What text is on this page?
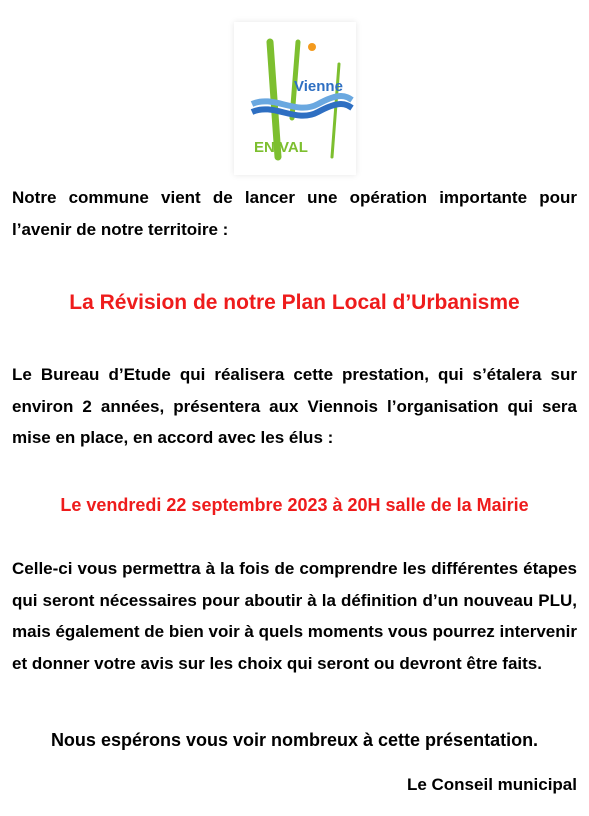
Vienne
EN VAL
Notre commune vient de lancer une opération importante pour l’avenir de notre territoire :
La Révision de notre Plan Local d’Urbanisme
Le Bureau d’Etude qui réalisera cette prestation, qui s’étalera sur environ 2 années, présentera aux Viennois l’organisation qui sera mise en place, en accord avec les élus :
Le vendredi 22 septembre 2023 à 20H salle de la Mairie
Celle-ci vous permettra à la fois de comprendre les différentes étapes qui seront nécessaires pour aboutir à la définition d’un nouveau PLU, mais également de bien voir à quels moments vous pourrez intervenir et donner votre avis sur les choix qui seront ou devront être faits.
Nous espérons vous voir nombreux à cette présentation.
Le Conseil municipal
